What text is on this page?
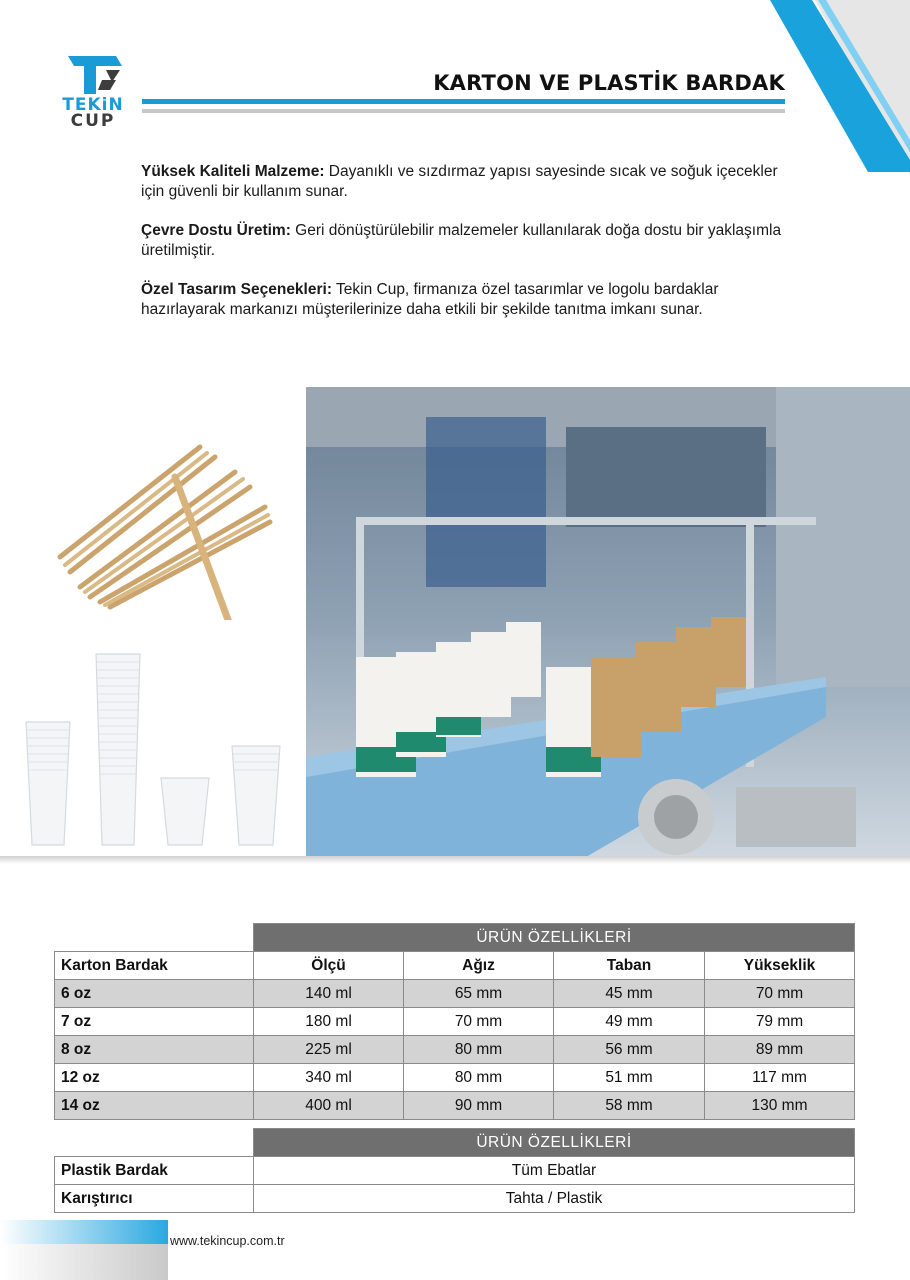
TEKiN
CUP
KARTON VE PLASTİK BARDAK

Yüksek Kaliteli Malzeme: Dayanıklı ve sızdırmaz yapısı sayesinde sıcak ve soğuk içecekler için güvenli bir kullanım sunar.

Çevre Dostu Üretim: Geri dönüştürülebilir malzemeler kullanılarak doğa dostu bir yaklaşımla üretilmiştir.

Özel Tasarım Seçenekleri: Tekin Cup, firmanıza özel tasarımlar ve logolu bardaklar hazırlayarak markanızı müşterilerinize daha etkili bir şekilde tanıtma imkanı sunar.

	ÜRÜN ÖZELLİKLERİ			
Karton Bardak	Ölçü	Ağız	Taban	Yükseklik
6 oz	140 ml	65 mm	45 mm	70 mm
7 oz	180 ml	70 mm	49 mm	79 mm
8 oz	225 ml	80 mm	56 mm	89 mm
12 oz	340 ml	80 mm	51 mm	117 mm
14 oz	400 ml	90 mm	58 mm	130 mm
	ÜRÜN ÖZELLİKLERİ
Plastik Bardak	Tüm Ebatlar
Karıştırıcı	Tahta / Plastik
www.tekincup.com.tr
